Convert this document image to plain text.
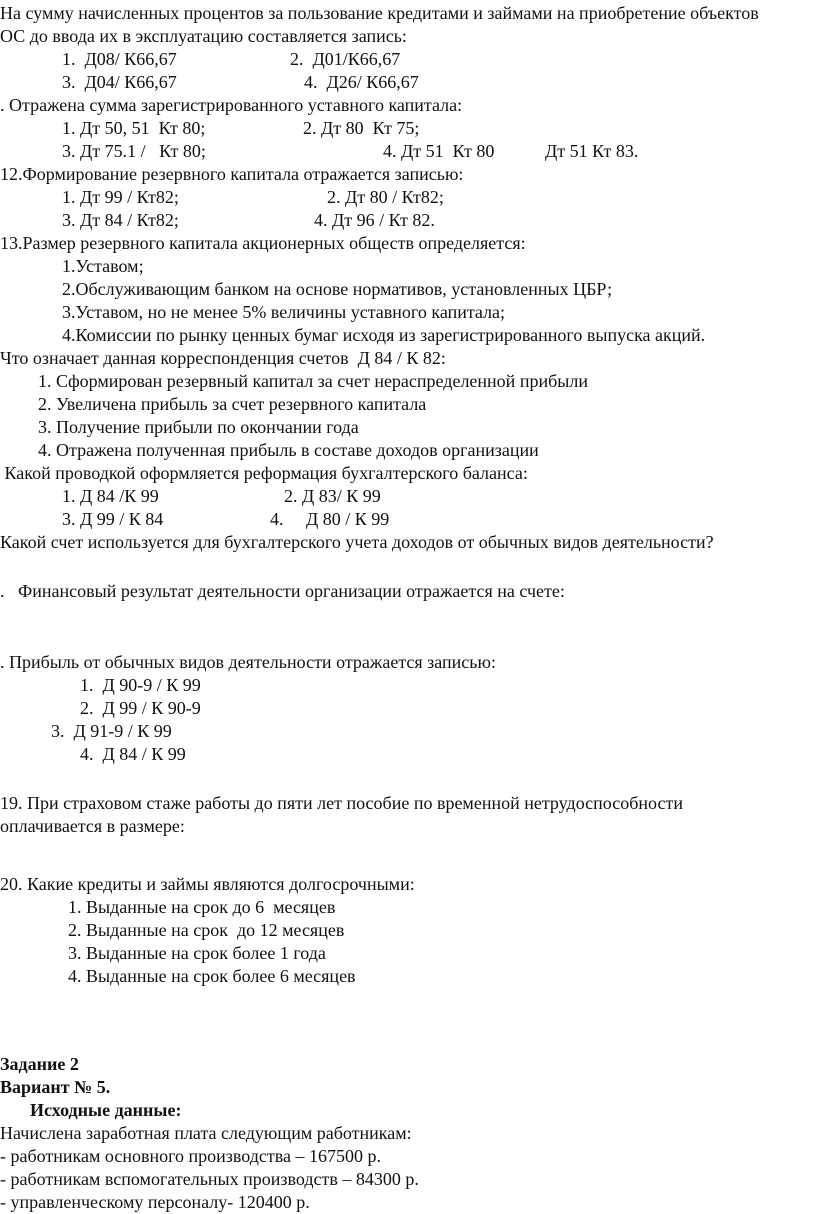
На сумму начисленных процентов за пользование кредитами и займами на приобретение объектов
ОС до ввода их в эксплуатацию составляется запись:
1.  Д08/ К66,67	2.  Д01/К66,67
3.  Д04/ К66,67	4.  Д26/ К66,67
. Отражена сумма зарегистрированного уставного капитала:
1. Дт 50, 51  Кт 80;	2. Дт 80  Кт 75;
3. Дт 75.1 /   Кт 80;	4. Дт 51  Кт 80	Дт 51 Кт 83.
12.Формирование резервного капитала отражается записью:
1. Дт 99 / Кт82;	2. Дт 80 / Кт82;
3. Дт 84 / Кт82;	4. Дт 96 / Кт 82.
13.Размер резервного капитала акционерных обществ определяется:
1.Уставом;
2.Обслуживающим банком на основе нормативов, установленных ЦБР;
3.Уставом, но не менее 5% величины уставного капитала;
4.Комиссии по рынку ценных бумаг исходя из зарегистрированного выпуска акций.
Что означает данная корреспонденция счетов  Д 84 / К 82:
1. Сформирован резервный капитал за счет нераспределенной прибыли
2. Увеличена прибыль за счет резервного капитала
3. Получение прибыли по окончании года
4. Отражена полученная прибыль в составе доходов организации
Какой проводкой оформляется реформация бухгалтерского баланса:
1. Д 84 /К 99	2. Д 83/ К 99
3. Д 99 / К 84	4.     Д 80 / К 99
Какой счет используется для бухгалтерского учета доходов от обычных видов деятельности?
.   Финансовый результат деятельности организации отражается на счете:
. Прибыль от обычных видов деятельности отражается записью:
1.  Д 90-9 / К 99
2.  Д 99 / К 90-9
3.  Д 91-9 / К 99
4.  Д 84 / К 99
19. При страховом стаже работы до пяти лет пособие по временной нетрудоспособности
оплачивается в размере:
20. Какие кредиты и займы являются долгосрочными:
1. Выданные на срок до 6  месяцев
2. Выданные на срок  до 12 месяцев
3. Выданные на срок более 1 года
4. Выданные на срок более 6 месяцев
Задание 2
Вариант № 5.
Исходные данные:
Начислена заработная плата следующим работникам:
- работникам основного производства – 167500 р.
- работникам вспомогательных производств – 84300 р.
- управленческому персоналу- 120400 р.
